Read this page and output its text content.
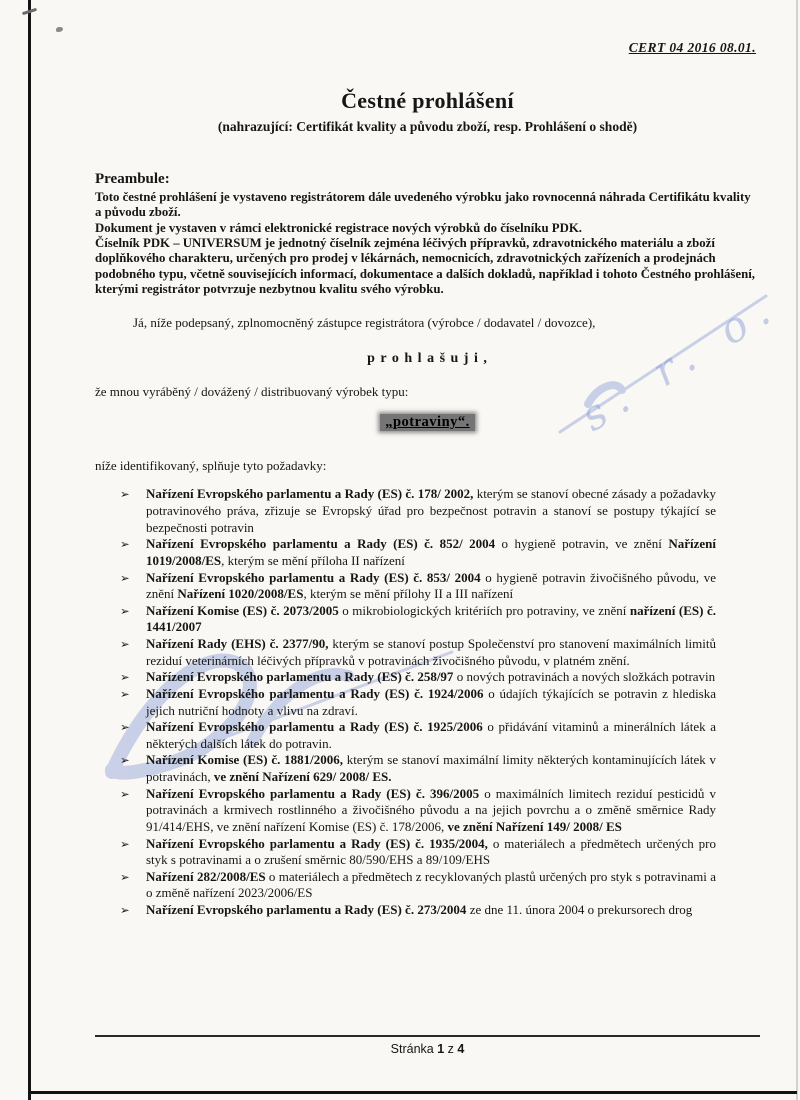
s. r. o.
CERT 04 2016 08.01.
Čestné prohlášení
(nahrazující: Certifikát kvality a původu zboží, resp. Prohlášení o shodě)
Preambule:

Toto čestné prohlášení je vystaveno registrátorem dále uvedeného výrobku jako rovnocenná náhrada Certifikátu kvality a původu zboží.

Dokument je vystaven v rámci elektronické registrace nových výrobků do číselníku PDK.

Číselník PDK – UNIVERSUM je jednotný číselník zejména léčivých přípravků, zdravotnického materiálu a zboží doplňkového charakteru, určených pro prodej v lékárnách, nemocnicích, zdravotnických zařízeních a prodejnách podobného typu, včetně souvisejících informací, dokumentace a dalších dokladů, například i tohoto Čestného prohlášení, kterými registrátor potvrzuje nezbytnou kvalitu svého výrobku.

Já, níže podepsaný, zplnomocněný zástupce registrátora (výrobce / dodavatel / dovozce),

p r o h l a š u j i ,

že mnou vyráběný / dovážený / distribuovaný výrobek typu:

„potraviny“.

níže identifikovaný, splňuje tyto požadavky:

➢ Nařízení Evropského parlamentu a Rady (ES) č. 178/ 2002, kterým se stanoví obecné zásady a požadavky potravinového práva, zřizuje se Evropský úřad pro bezpečnost potravin a stanoví se postupy týkající se bezpečnosti potravin
➢ Nařízení Evropského parlamentu a Rady (ES) č. 852/ 2004 o hygieně potravin, ve znění Nařízení 1019/2008/ES, kterým se mění příloha II nařízení
➢ Nařízení Evropského parlamentu a Rady (ES) č. 853/ 2004 o hygieně potravin živočišného původu, ve znění Nařízení 1020/2008/ES, kterým se mění přílohy II a III nařízení
➢ Nařízení Komise (ES) č. 2073/2005 o mikrobiologických kritériích pro potraviny, ve znění nařízení (ES) č. 1441/2007
➢ Nařízení Rady (EHS) č. 2377/90, kterým se stanoví postup Společenství pro stanovení maximálních limitů reziduí veterinárních léčivých přípravků v potravinách živočišného původu, v platném znění.
➢ Nařízení Evropského parlamentu a Rady (ES) č. 258/97 o nových potravinách a nových složkách potravin
➢ Nařízení Evropského parlamentu a Rady (ES) č. 1924/2006 o údajích týkajících se potravin z hlediska jejich nutriční hodnoty a vlivu na zdraví.
➢ Nařízení Evropského parlamentu a Rady (ES) č. 1925/2006 o přidávání vitaminů a minerálních látek a některých dalších látek do potravin.
➢ Nařízení Komise (ES) č. 1881/2006, kterým se stanoví maximální limity některých kontaminujících látek v potravinách, ve znění Nařízení 629/ 2008/ ES.
➢ Nařízení Evropského parlamentu a Rady (ES) č. 396/2005 o maximálních limitech reziduí pesticidů v potravinách a krmivech rostlinného a živočišného původu a na jejich povrchu a o změně směrnice Rady 91/414/EHS, ve znění nařízení Komise (ES) č. 178/2006, ve znění Nařízení 149/ 2008/ ES
➢ Nařízení Evropského parlamentu a Rady (ES) č. 1935/2004, o materiálech a předmětech určených pro styk s potravinami a o zrušení směrnic 80/590/EHS a 89/109/EHS
➢ Nařízení 282/2008/ES o materiálech a předmětech z recyklovaných plastů určených pro styk s potravinami a o změně nařízení 2023/2006/ES
➢ Nařízení Evropského parlamentu a Rady (ES) č. 273/2004 ze dne 11. února 2004 o prekursorech drog
Stránka 1 z 4
